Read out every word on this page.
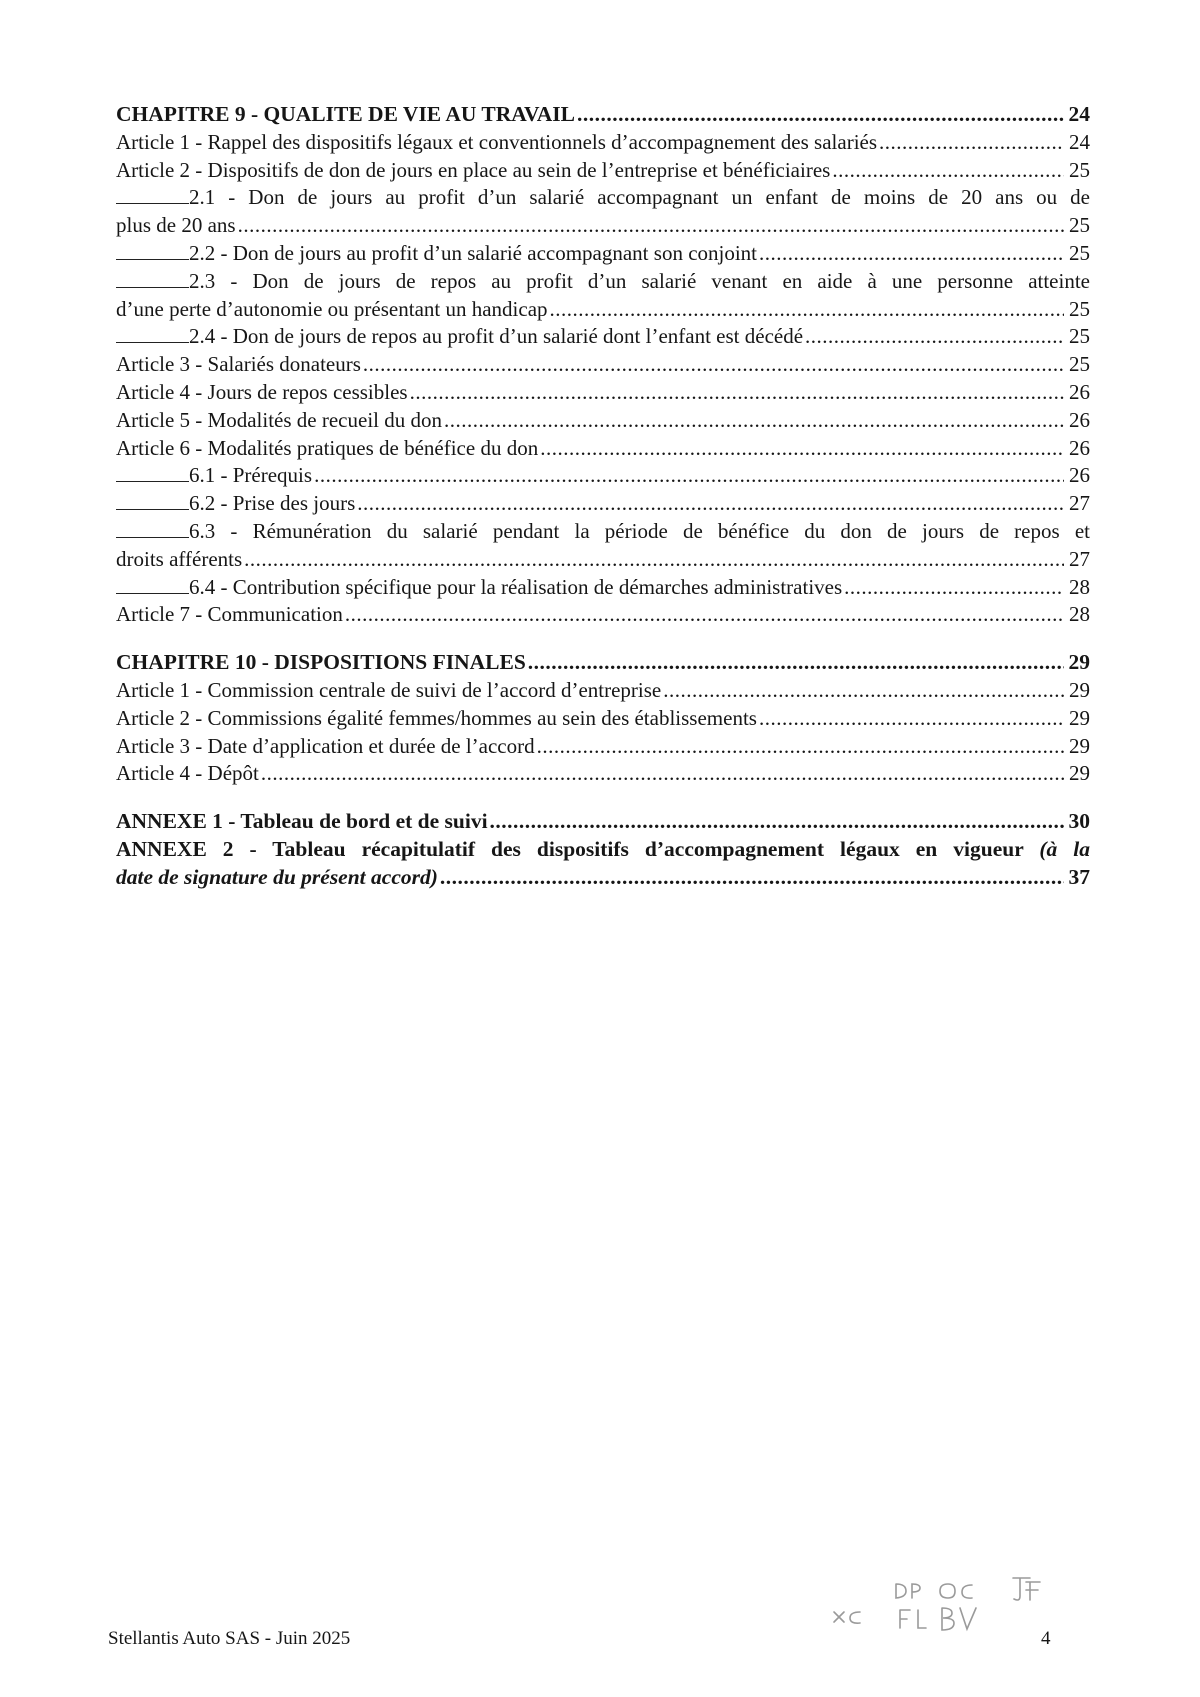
CHAPITRE 9 - QUALITE DE VIE AU TRAVAIL .....	24
Article 1 - Rappel des dispositifs légaux et conventionnels d’accompagnement des salariés .....	24
Article 2 - Dispositifs de don de jours en place au sein de l’entreprise et bénéficiaires .....	25
2.1 - Don de jours au profit d’un salarié accompagnant un enfant de moins de 20 ans ou de
plus de 20 ans .....	25
2.2 - Don de jours au profit d’un salarié accompagnant son conjoint .....	25
2.3 - Don de jours de repos au profit d’un salarié venant en aide à une personne atteinte
d’une perte d’autonomie ou présentant un handicap .....	25
2.4 - Don de jours de repos au profit d’un salarié dont l’enfant est décédé .....	25
Article 3 - Salariés donateurs .....	25
Article 4 - Jours de repos cessibles .....	26
Article 5 - Modalités de recueil du don .....	26
Article 6 - Modalités pratiques de bénéfice du don .....	26
6.1 - Prérequis .....	26
6.2 - Prise des jours .....	27
6.3 - Rémunération du salarié pendant la période de bénéfice du don de jours de repos et
droits afférents .....	27
6.4 - Contribution spécifique pour la réalisation de démarches administratives .....	28
Article 7 - Communication .....	28
CHAPITRE 10 - DISPOSITIONS FINALES .....	29
Article 1 - Commission centrale de suivi de l’accord d’entreprise .....	29
Article 2 - Commissions égalité femmes/hommes au sein des établissements .....	29
Article 3 - Date d’application et durée de l’accord .....	29
Article 4 - Dépôt .....	29
ANNEXE 1 - Tableau de bord et de suivi .....	30
ANNEXE 2 - Tableau récapitulatif des dispositifs d’accompagnement légaux en vigueur (à la
date de signature du présent accord) .....	37
Stellantis Auto SAS - Juin 2025	4
